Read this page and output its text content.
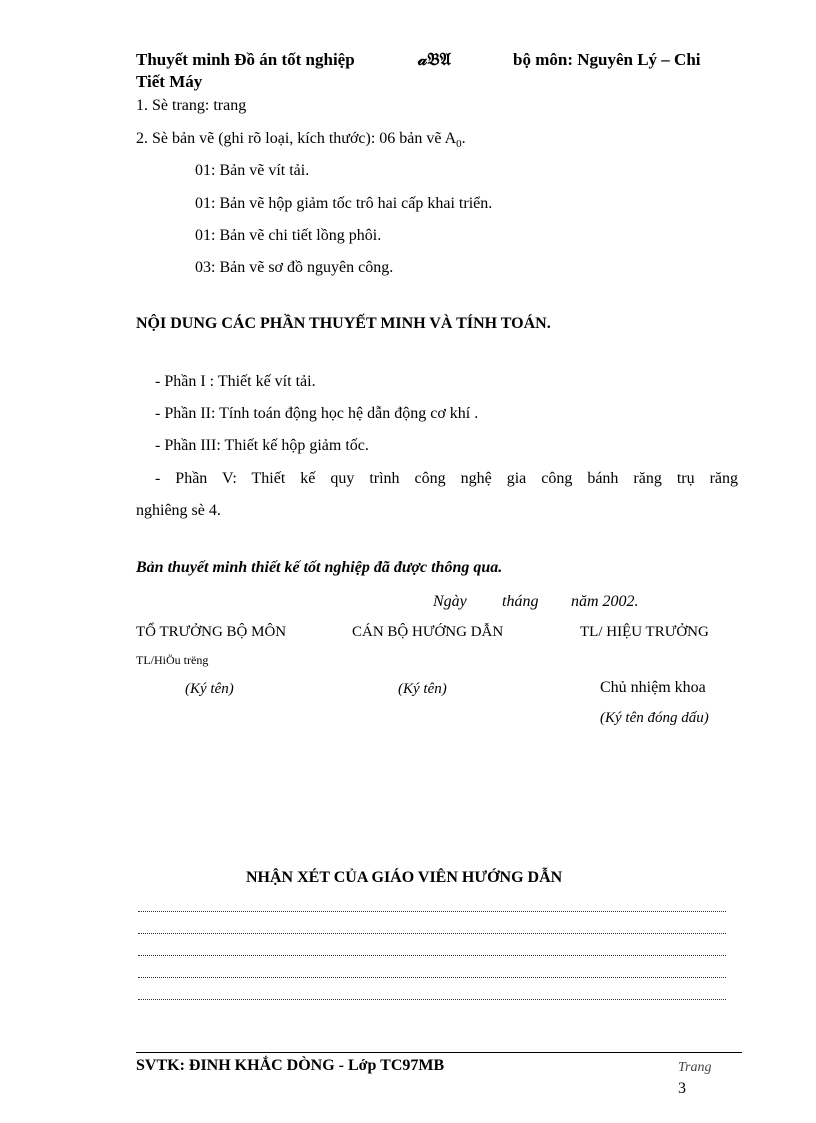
Thuyết minh Đồ án tốt nghiệp	𝒶𝔅𝔄	bộ môn: Nguyên Lý – Chi
Tiết Máy
1. Sè trang: trang
2. Sè bản vẽ (ghi rõ loại, kích thước): 06 bản vẽ $A_0$.
01: Bản vẽ vít tải.
01: Bản vẽ hộp giảm tốc trô hai cấp khai triển.
01: Bản vẽ chi tiết lồng phôi.
03: Bản vẽ sơ đồ nguyên công.
NỘI DUNG CÁC PHẦN THUYẾT MINH VÀ TÍNH TOÁN.
- Phần I : Thiết kế vít tải.
- Phần II: Tính toán động học hệ dẫn động cơ khí .
- Phần III: Thiết kế hộp giảm tốc.
- Phần V: Thiết kế quy trình công nghệ gia công bánh răng trụ răng
nghiêng sè 4.
Bản thuyết minh thiết kế tốt nghiệp đã được thông qua.
Ngày tháng năm 2002.
TỔ TRƯỞNG BỘ MÔN	CÁN BỘ HƯỚNG DẪN	TL/ HIỆU TRƯỞNG
TL/HiÖu trëng
(Ký tên)	(Ký tên)	Chủ nhiệm khoa
(Ký tên đóng dấu)
NHẬN XÉT CỦA GIÁO VIÊN HƯỚNG DẪN
SVTK: ĐINH KHẮC DÒNG - Lớp TC97MB	Trang
3
